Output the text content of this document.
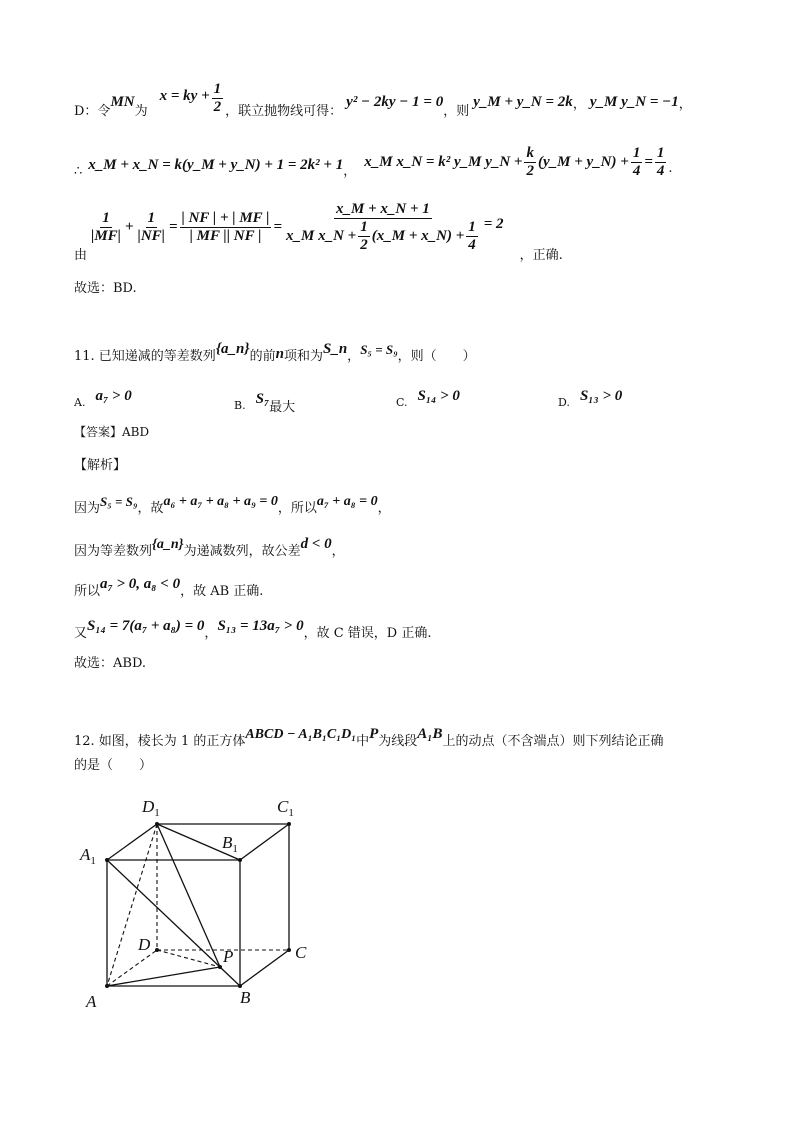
D：令
MN
为
x = ky + $\frac{1}{2}$ ，联立抛物线可得：
y² − 2ky − 1 = 0
，则
y_M + y_N = 2k ， y_M y_N = −1 ，
∴ x_M + x_N = k(y_M + y_N) + 1 = 2k² + 1 ，
x_M x_N = k² y_M y_N + $\frac{k}{2}$ (y_M + y_N) + $\frac{1}{4} = \frac{1}{4}$ .
由
$\frac{1}{|MF|} + \frac{1}{|NF|} = \frac{| NF | + | MF |}{| MF || NF |}$ =
x_M + x_N + 1
x_M x_N + $\frac{1}{2}$ (x_M + x_N) + $\frac{1}{4} = 2$
，正确.
故选：BD.
11. 已知递减的等差数列 {a_n} 的前 n 项和为 S_n ， S₅ = S₉ ，则（　　）
A. a₇ > 0
B. S₇
最大	C. S₁₄ > 0	D. S₁₃ > 0
【答案】ABD
【解析】
因为 S₅ = S₉ ，故 a₆ + a₇ + a₈ + a₉ = 0 ，所以 a₇ + a₈ = 0 ，
因为等差数列 {a_n} 为递减数列，故公差 d < 0 ，
所以 a₇ > 0, a₈ < 0 ，故 AB 正确.
又 S₁₄ = 7(a₇ + a₈) = 0 ， S₁₃ = 13a₇ > 0 ，故 C 错误，D 正确.
故选：ABD.
12. 如图，棱长为 1 的正方体 ABCD − A₁B₁C₁D₁ 中 P 为线段 A₁B 上的动点（不含端点）则下列结论正确
的是（　　）
$D_1$	$C_1$
$A_1$
$B_1$
D
P	C
A	B
